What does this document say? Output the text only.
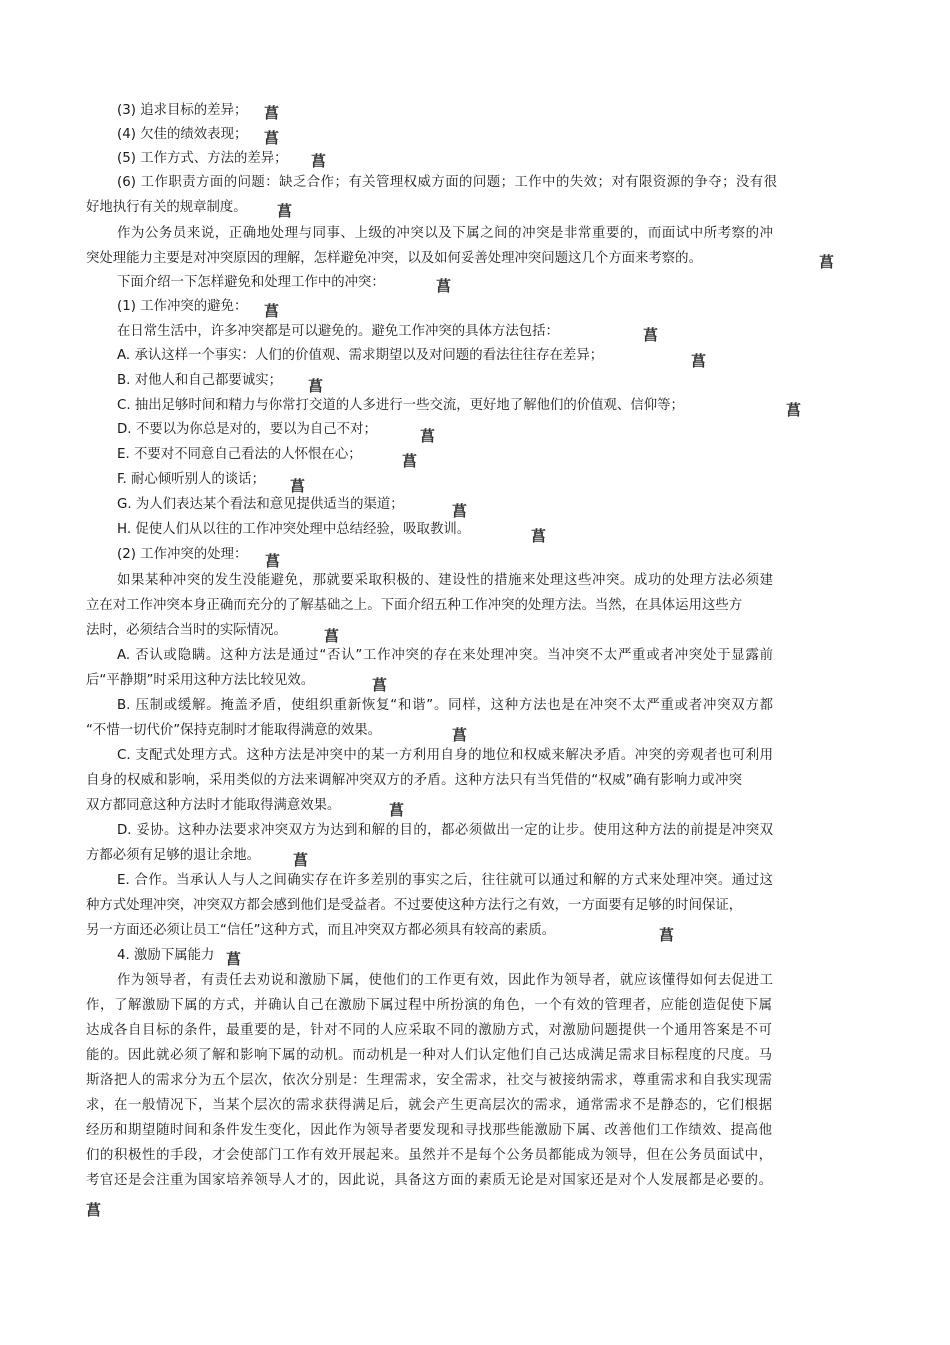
(3) 追求目标的差异；
(4) 欠佳的绩效表现；
(5) 工作方式、方法的差异；
(6) 工作职责方面的问题：缺乏合作；有关管理权威方面的问题；工作中的失效；对有限资源的争夺；没有很
好地执行有关的规章制度。
作为公务员来说，正确地处理与同事、上级的冲突以及下属之间的冲突是非常重要的，而面试中所考察的冲
突处理能力主要是对冲突原因的理解，怎样避免冲突，以及如何妥善处理冲突问题这几个方面来考察的。
下面介绍一下怎样避免和处理工作中的冲突：
(1) 工作冲突的避免：
在日常生活中，许多冲突都是可以避免的。避免工作冲突的具体方法包括：
A. 承认这样一个事实：人们的价值观、需求期望以及对问题的看法往往存在差异；
B. 对他人和自己都要诚实；
C. 抽出足够时间和精力与你常打交道的人多进行一些交流，更好地了解他们的价值观、信仰等；
D. 不要以为你总是对的，要以为自己不对；
E. 不要对不同意自己看法的人怀恨在心；
F. 耐心倾听别人的谈话；
G. 为人们表达某个看法和意见提供适当的渠道；
H. 促使人们从以往的工作冲突处理中总结经验，吸取教训。
(2) 工作冲突的处理：
如果某种冲突的发生没能避免，那就要采取积极的、建设性的措施来处理这些冲突。成功的处理方法必须建
立在对工作冲突本身正确而充分的了解基础之上。下面介绍五种工作冲突的处理方法。当然，在具体运用这些方
法时，必须结合当时的实际情况。
A. 否认或隐瞒。这种方法是通过“否认”工作冲突的存在来处理冲突。当冲突不太严重或者冲突处于显露前
后“平静期”时采用这种方法比较见效。
B. 压制或缓解。掩盖矛盾，使组织重新恢复“和谐”。同样，这种方法也是在冲突不太严重或者冲突双方都
“不惜一切代价”保持克制时才能取得满意的效果。
C. 支配式处理方式。这种方法是冲突中的某一方利用自身的地位和权威来解决矛盾。冲突的旁观者也可利用
自身的权威和影响，采用类似的方法来调解冲突双方的矛盾。这种方法只有当凭借的“权威”确有影响力或冲突
双方都同意这种方法时才能取得满意效果。
D. 妥协。这种办法要求冲突双方为达到和解的目的，都必须做出一定的让步。使用这种方法的前提是冲突双
方都必须有足够的退让余地。
E. 合作。当承认人与人之间确实存在许多差别的事实之后，往往就可以通过和解的方式来处理冲突。通过这
种方式处理冲突，冲突双方都会感到他们是受益者。不过要使这种方法行之有效，一方面要有足够的时间保证，
另一方面还必须让员工“信任”这种方式，而且冲突双方都必须具有较高的素质。
4. 激励下属能力
作为领导者，有责任去劝说和激励下属，使他们的工作更有效，因此作为领导者，就应该懂得如何去促进工
作，了解激励下属的方式，并确认自己在激励下属过程中所扮演的角色，一个有效的管理者，应能创造促使下属
达成各自目标的条件，最重要的是，针对不同的人应采取不同的激励方式，对激励问题提供一个通用答案是不可
能的。因此就必须了解和影响下属的动机。而动机是一种对人们认定他们自己达成满足需求目标程度的尺度。马
斯洛把人的需求分为五个层次，依次分别是：生理需求，安全需求，社交与被接纳需求，尊重需求和自我实现需
求，在一般情况下，当某个层次的需求获得满足后，就会产生更高层次的需求，通常需求不是静态的，它们根据
经历和期望随时间和条件发生变化，因此作为领导者要发现和寻找那些能激励下属、改善他们工作绩效、提高他
们的积极性的手段，才会使部门工作有效开展起来。虽然并不是每个公务员都能成为领导，但在公务员面试中，
考官还是会注重为国家培养领导人才的，因此说，具备这方面的素质无论是对国家还是对个人发展都是必要的。
菖
菖
菖
菖
菖
菖
菖
菖
菖
菖
菖
菖
菖
菖
菖
菖
菖
菖
菖
菖
菖
菖
菖
菖
菖
